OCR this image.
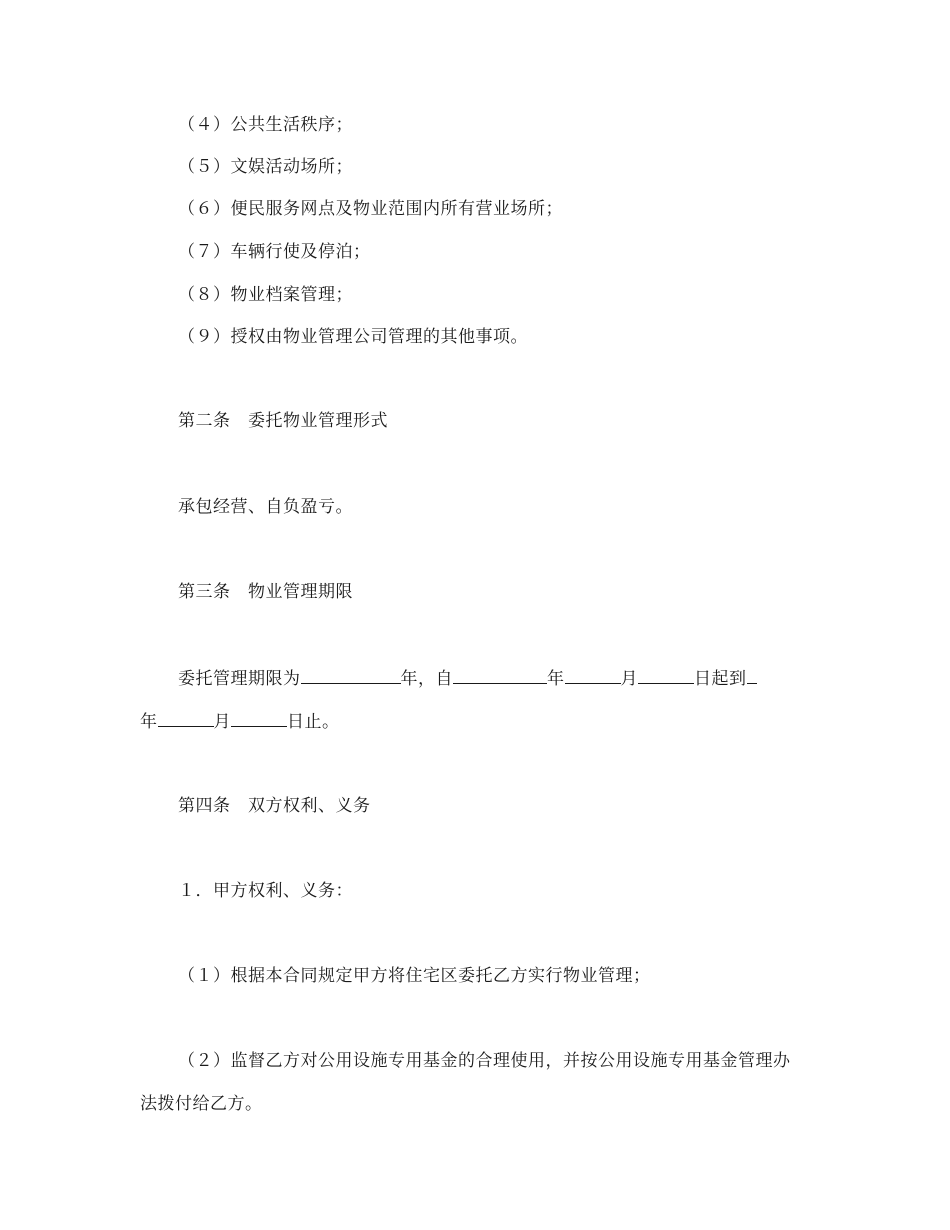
（４）公共生活秩序；
（５）文娱活动场所；
（６）便民服务网点及物业范围内所有营业场所；
（７）车辆行使及停泊；
（８）物业档案管理；
（９）授权由物业管理公司管理的其他事项。
第二条　委托物业管理形式
承包经营、自负盈亏。
第三条　物业管理期限
委托管理期限为	年，自	年	月	日起到
年	月	日止。
第四条　双方权利、义务
１．甲方权利、义务：
（１）根据本合同规定甲方将住宅区委托乙方实行物业管理；
（２）监督乙方对公用设施专用基金的合理使用，并按公用设施专用基金管理办
法拨付给乙方。
